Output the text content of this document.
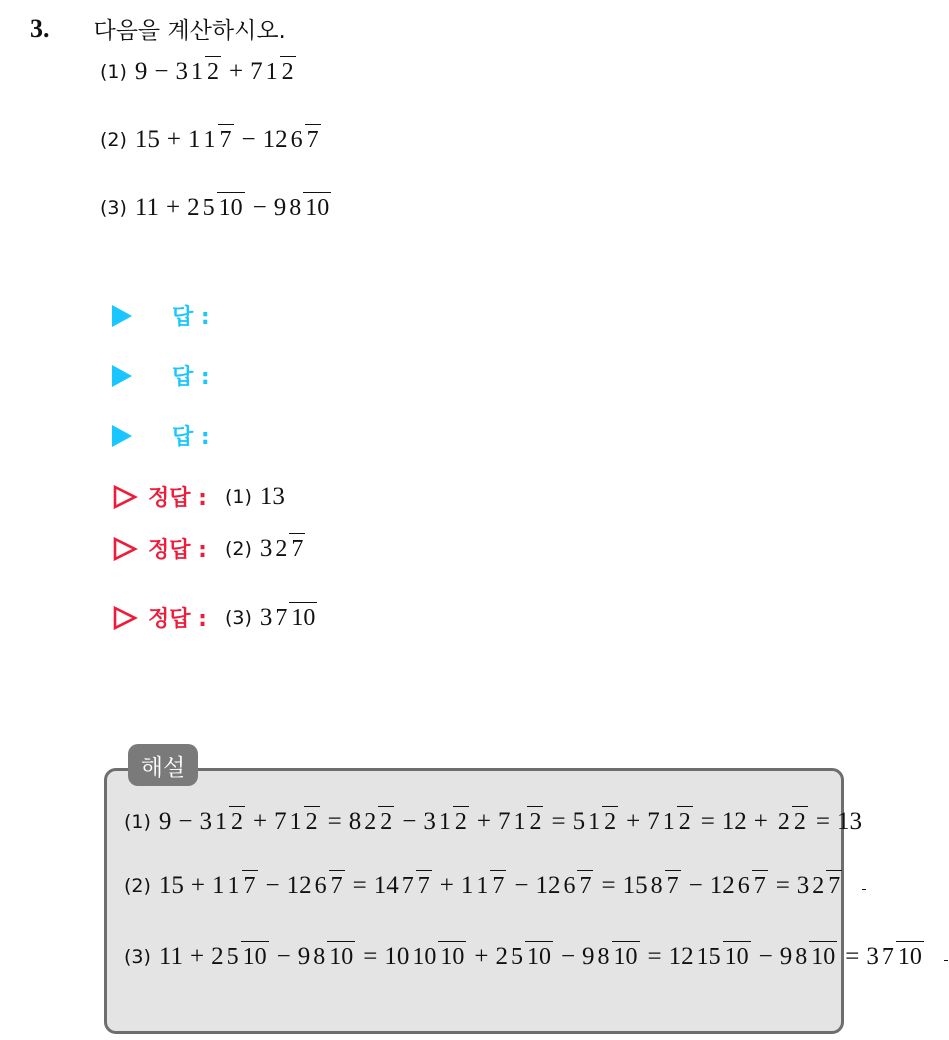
3. 다음을 계산하시오.
(1) 9 − 3 1 2 + 7 1 2
(2) 15 + 1 1 7 − 12 6 7
(3) 11 + 2 5 10 − 9 8 10
답 :
답 :
답 :
정답 : (1) 13
정답 : (2) 3 2 7
정답 : (3) 3 7 10
해설
(1) 9 − 3 1 2 + 7 1 2 = 8 2 2 − 3 1 2 + 7 1 2 = 5 1 2 + 7 1 2 = 12 + 2 2 = 13
(2) 15 + 1 1 7 − 12 6 7 = 14 7 7 + 1 1 7 − 12 6 7 = 15 8 7 − 12 6 7 = 3 2 7
(3) 11 + 2 5 10 − 9 8 10 = 10 10 10 + 2 5 10 − 9 8 10 = 12 15 10 − 9 8 10 = 3 7 10
